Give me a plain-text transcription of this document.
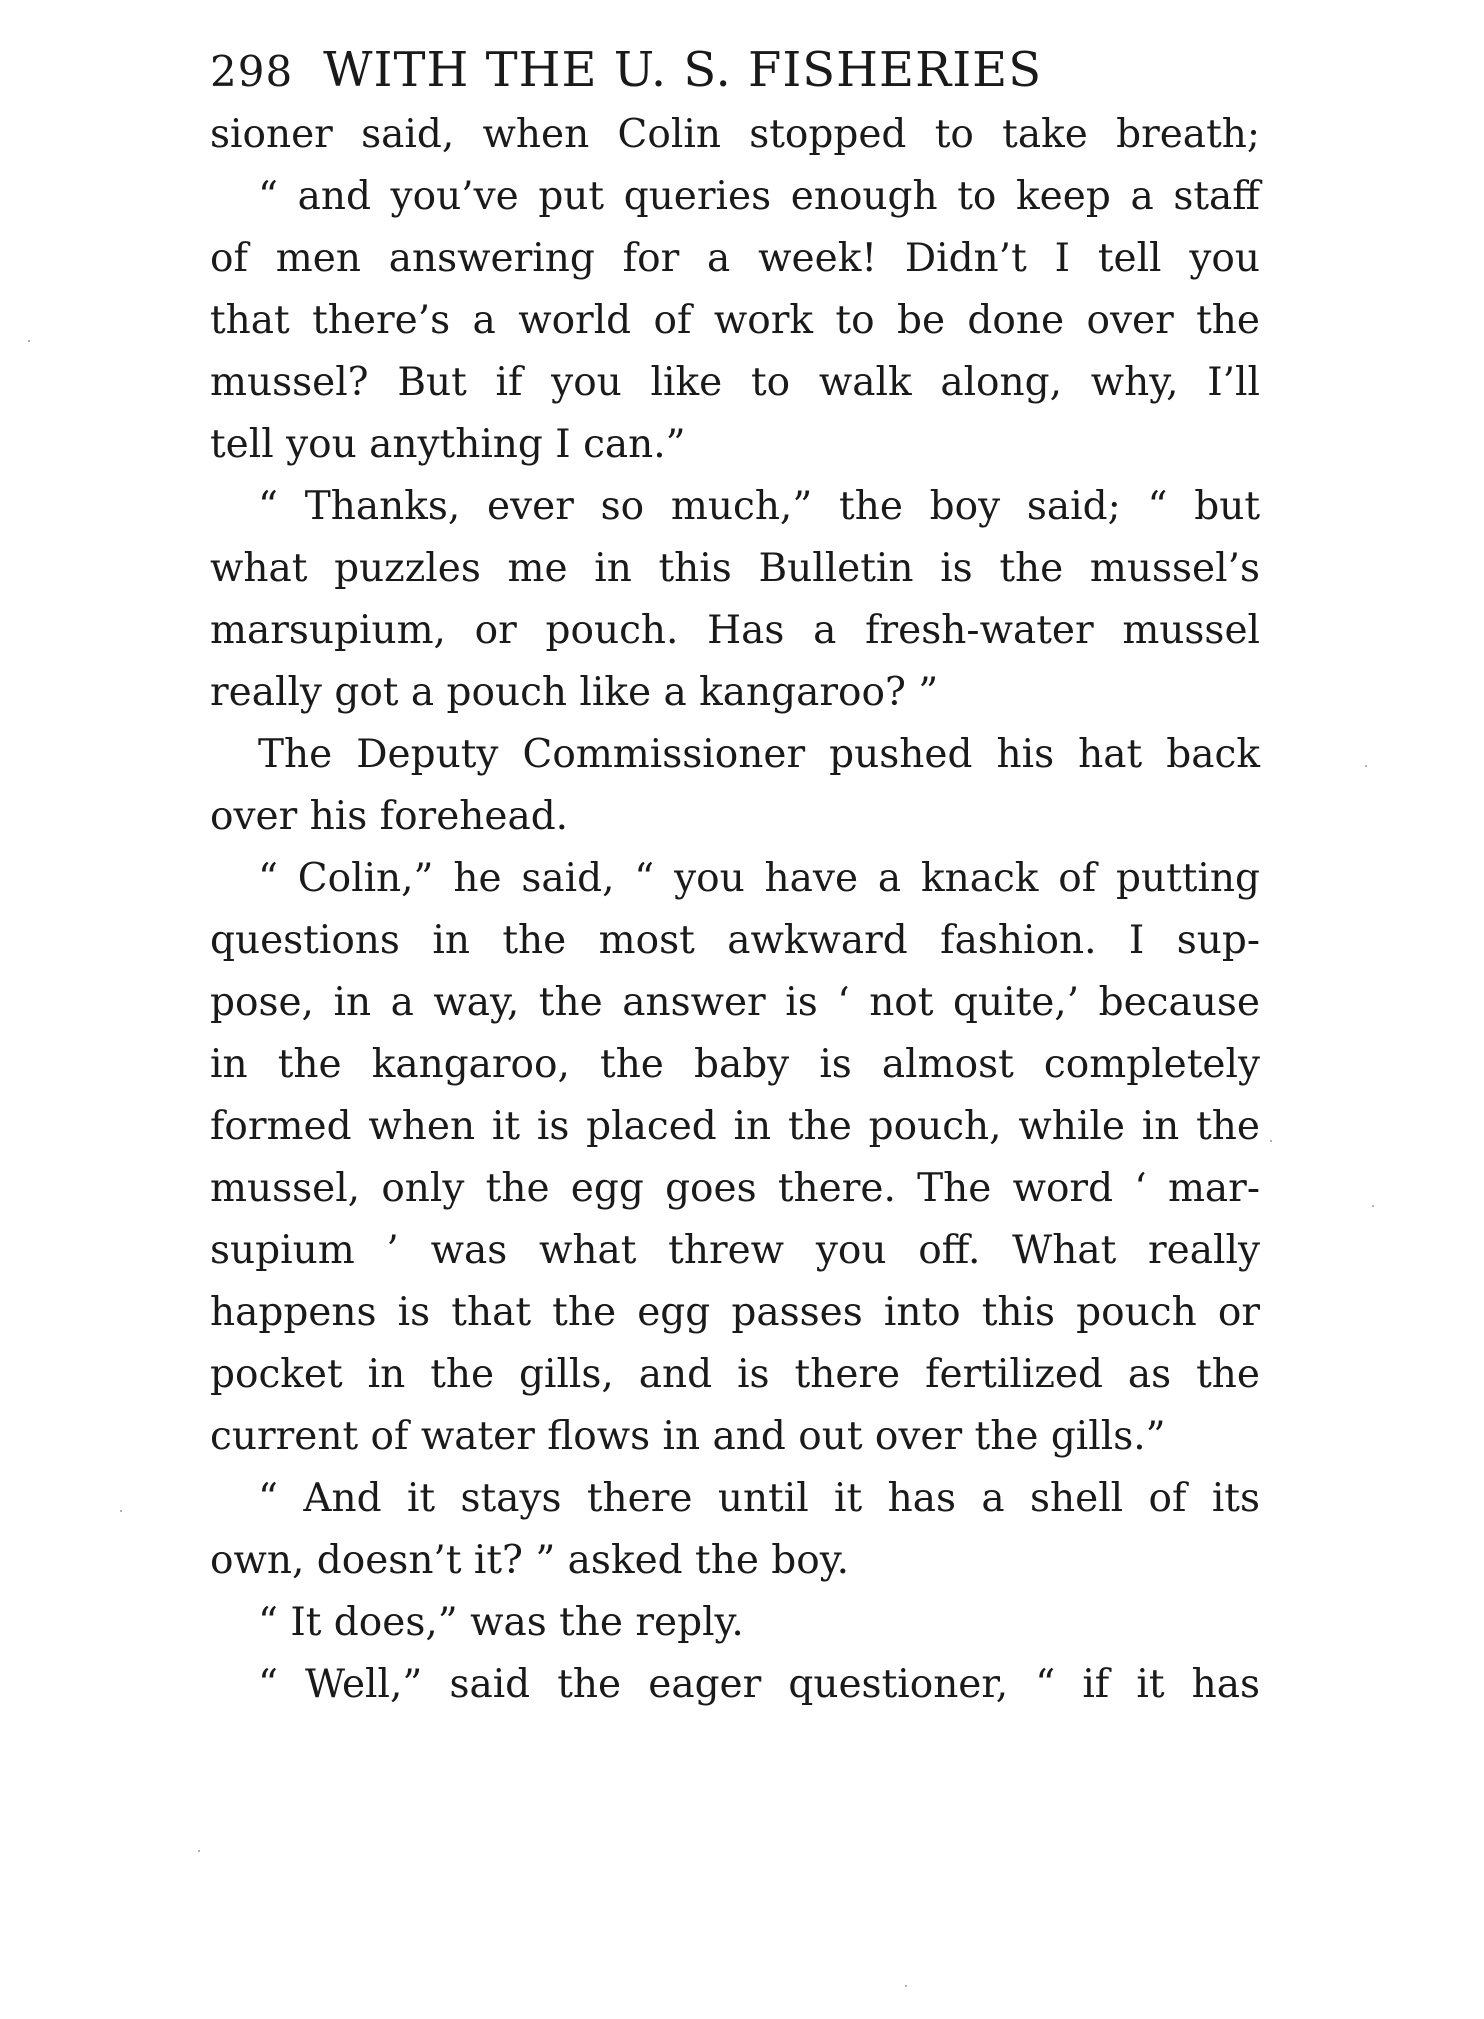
298 WITH THE U. S. FISHERIES
sioner said, when Colin stopped to take breath;
“ and you’ve put queries enough to keep a staff
of men answering for a week! Didn’t I tell you
that there’s a world of work to be done over the
mussel? But if you like to walk along, why, I’ll
tell you anything I can.”
“ Thanks, ever so much,” the boy said; “ but
what puzzles me in this Bulletin is the mussel’s
marsupium, or pouch. Has a fresh-water mussel
really got a pouch like a kangaroo? ”
The Deputy Commissioner pushed his hat back
over his forehead.
“ Colin,” he said, “ you have a knack of putting
questions in the most awkward fashion. I sup-
pose, in a way, the answer is ‘ not quite,’ because
in the kangaroo, the baby is almost completely
formed when it is placed in the pouch, while in the
mussel, only the egg goes there. The word ‘ mar-
supium ’ was what threw you off. What really
happens is that the egg passes into this pouch or
pocket in the gills, and is there fertilized as the
current of water flows in and out over the gills.”
“ And it stays there until it has a shell of its
own, doesn’t it? ” asked the boy.
“ It does,” was the reply.
“ Well,” said the eager questioner, “ if it has
